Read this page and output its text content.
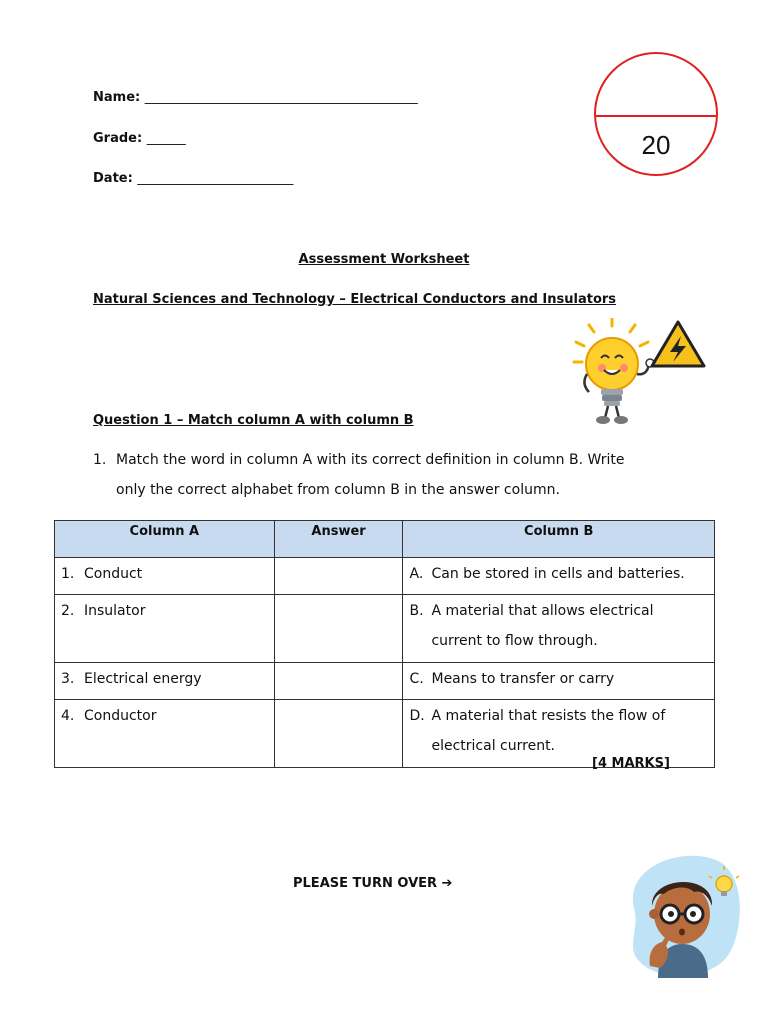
Name: __________________________________________
Grade: ______
Date: ________________________
20
Assessment Worksheet
Natural Sciences and Technology – Electrical Conductors and Insulators
Question 1 – Match column A with column B
1. Match the word in column A with its correct definition in column B. Write
only the correct alphabet from column B in the answer column.
Column A	Answer	Column B

1. Conduct		A. Can be stored in cells and batteries.

2. Insulator		B. A material that allows electrical
current to flow through.

3. Electrical energy		C. Means to transfer or carry

4. Conductor		D. A material that resists the flow of
electrical current.
[4 MARKS]
PLEASE TURN OVER ➔
